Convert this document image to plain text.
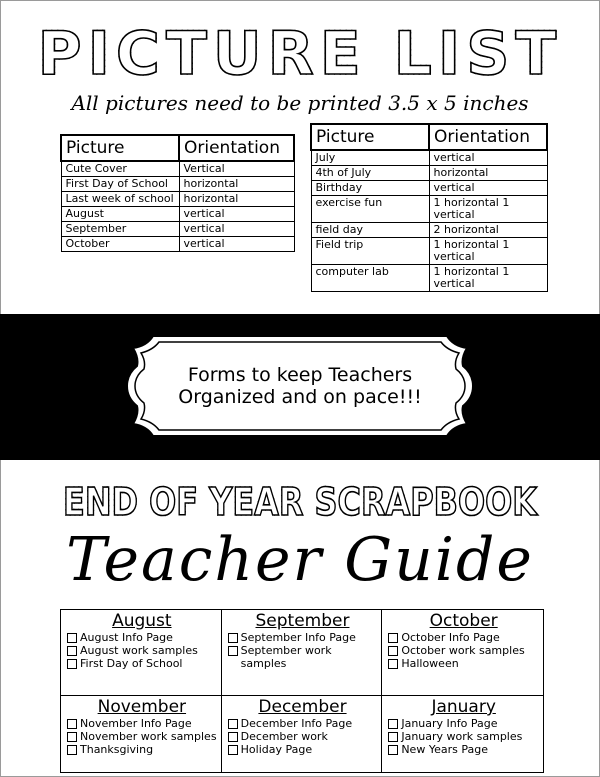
PICTURE LIST
All pictures need to be printed 3.5 x 5 inches
Picture	Orientation
Cute Cover	Vertical
First Day of School	horizontal
Last week of school	horizontal
August	vertical
September	vertical
October	vertical
Picture	Orientation
July	vertical
4th of July	horizontal
Birthday	vertical
exercise fun	1 horizontal 1 vertical
field day	2 horizontal
Field trip	1 horizontal 1 vertical
computer lab	1 horizontal 1 vertical
Forms to keep Teachers
Organized and on pace!!!
END OF YEAR SCRAPBOOK
Teacher Guide
August
August Info Page
August work samples
First Day of School
September
September Info Page
September work samples
October
October Info Page
October work samples
Halloween
November
November Info Page
November work samples
Thanksgiving
December
December Info Page
December work
Holiday Page
January
January Info Page
January work samples
New Years Page
